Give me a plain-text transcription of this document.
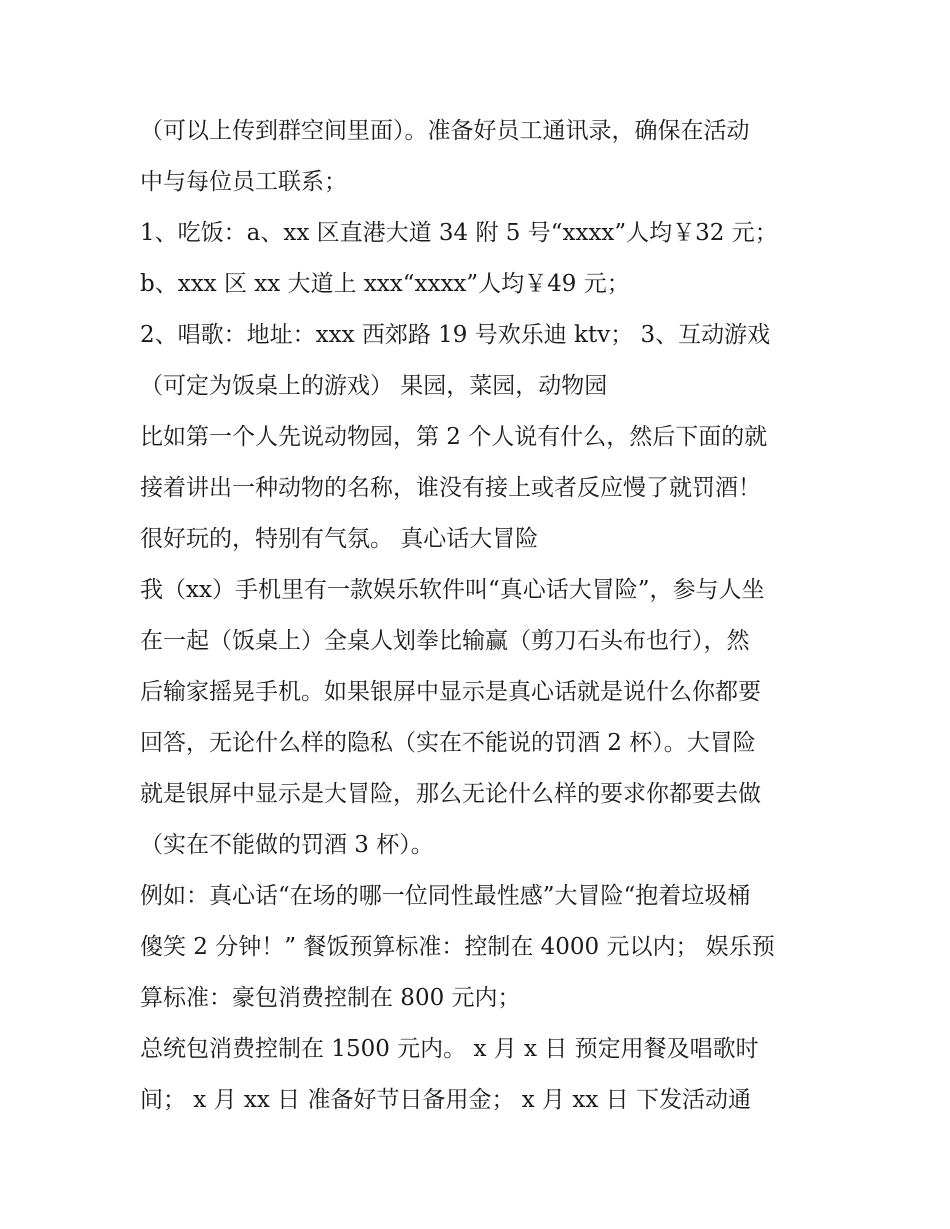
（可以上传到群空间里面）。准备好员工通讯录，确保在活动
中与每位员工联系；
1、吃饭：a、xx 区直港大道 34 附 5 号“xxxx”人均￥32 元；
b、xxx 区 xx 大道上 xxx“xxxx”人均￥49 元；
2、唱歌：地址：xxx 西郊路 19 号欢乐迪 ktv； 3、互动游戏
（可定为饭桌上的游戏） 果园，菜园，动物园
比如第一个人先说动物园，第 2 个人说有什么，然后下面的就
接着讲出一种动物的名称，谁没有接上或者反应慢了就罚酒！
很好玩的，特别有气氛。 真心话大冒险
我（xx）手机里有一款娱乐软件叫“真心话大冒险”，参与人坐
在一起（饭桌上）全桌人划拳比输赢（剪刀石头布也行），然
后输家摇晃手机。如果银屏中显示是真心话就是说什么你都要
回答，无论什么样的隐私（实在不能说的罚酒 2 杯）。大冒险
就是银屏中显示是大冒险，那么无论什么样的要求你都要去做
（实在不能做的罚酒 3 杯）。
例如：真心话“在场的哪一位同性最性感”大冒险“抱着垃圾桶
傻笑 2 分钟！” 餐饭预算标准：控制在 4000 元以内； 娱乐预
算标准：豪包消费控制在 800 元内；
总统包消费控制在 1500 元内。 x 月 x 日 预定用餐及唱歌时
间； x 月 xx 日 准备好节日备用金； x 月 xx 日 下发活动通
